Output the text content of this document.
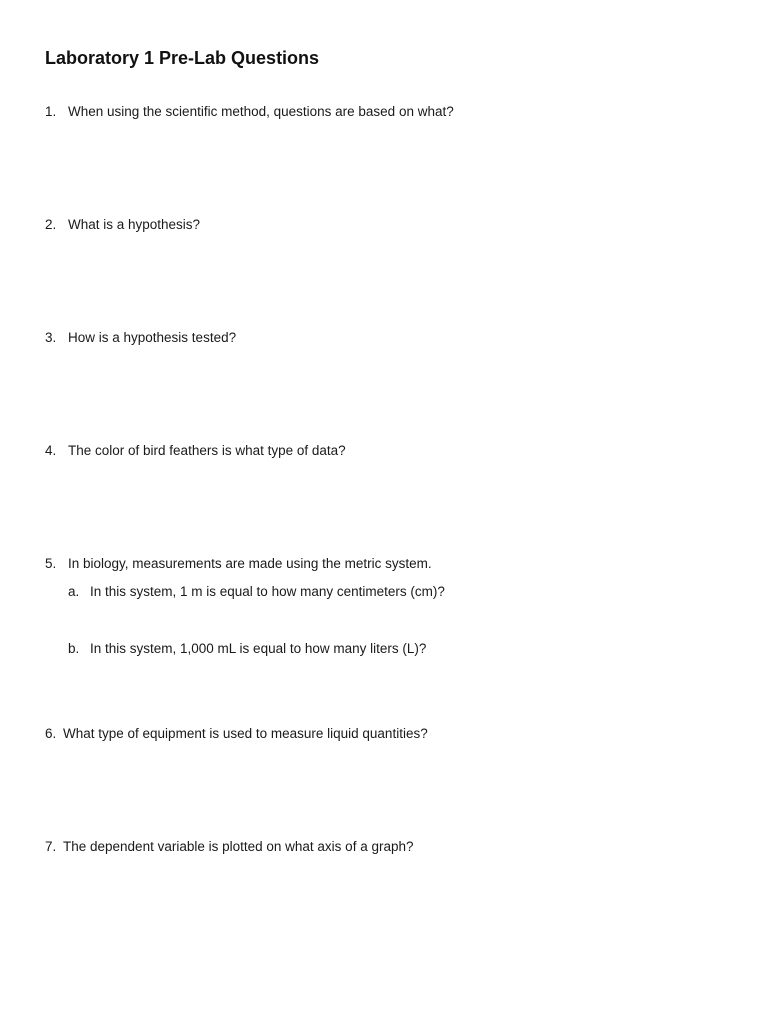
Laboratory 1 Pre-Lab Questions
1. When using the scientific method, questions are based on what?
2. What is a hypothesis?
3. How is a hypothesis tested?
4. The color of bird feathers is what type of data?
5. In biology, measurements are made using the metric system.
a. In this system, 1 m is equal to how many centimeters (cm)?
b. In this system, 1,000 mL is equal to how many liters (L)?
6. What type of equipment is used to measure liquid quantities?
7. The dependent variable is plotted on what axis of a graph?
